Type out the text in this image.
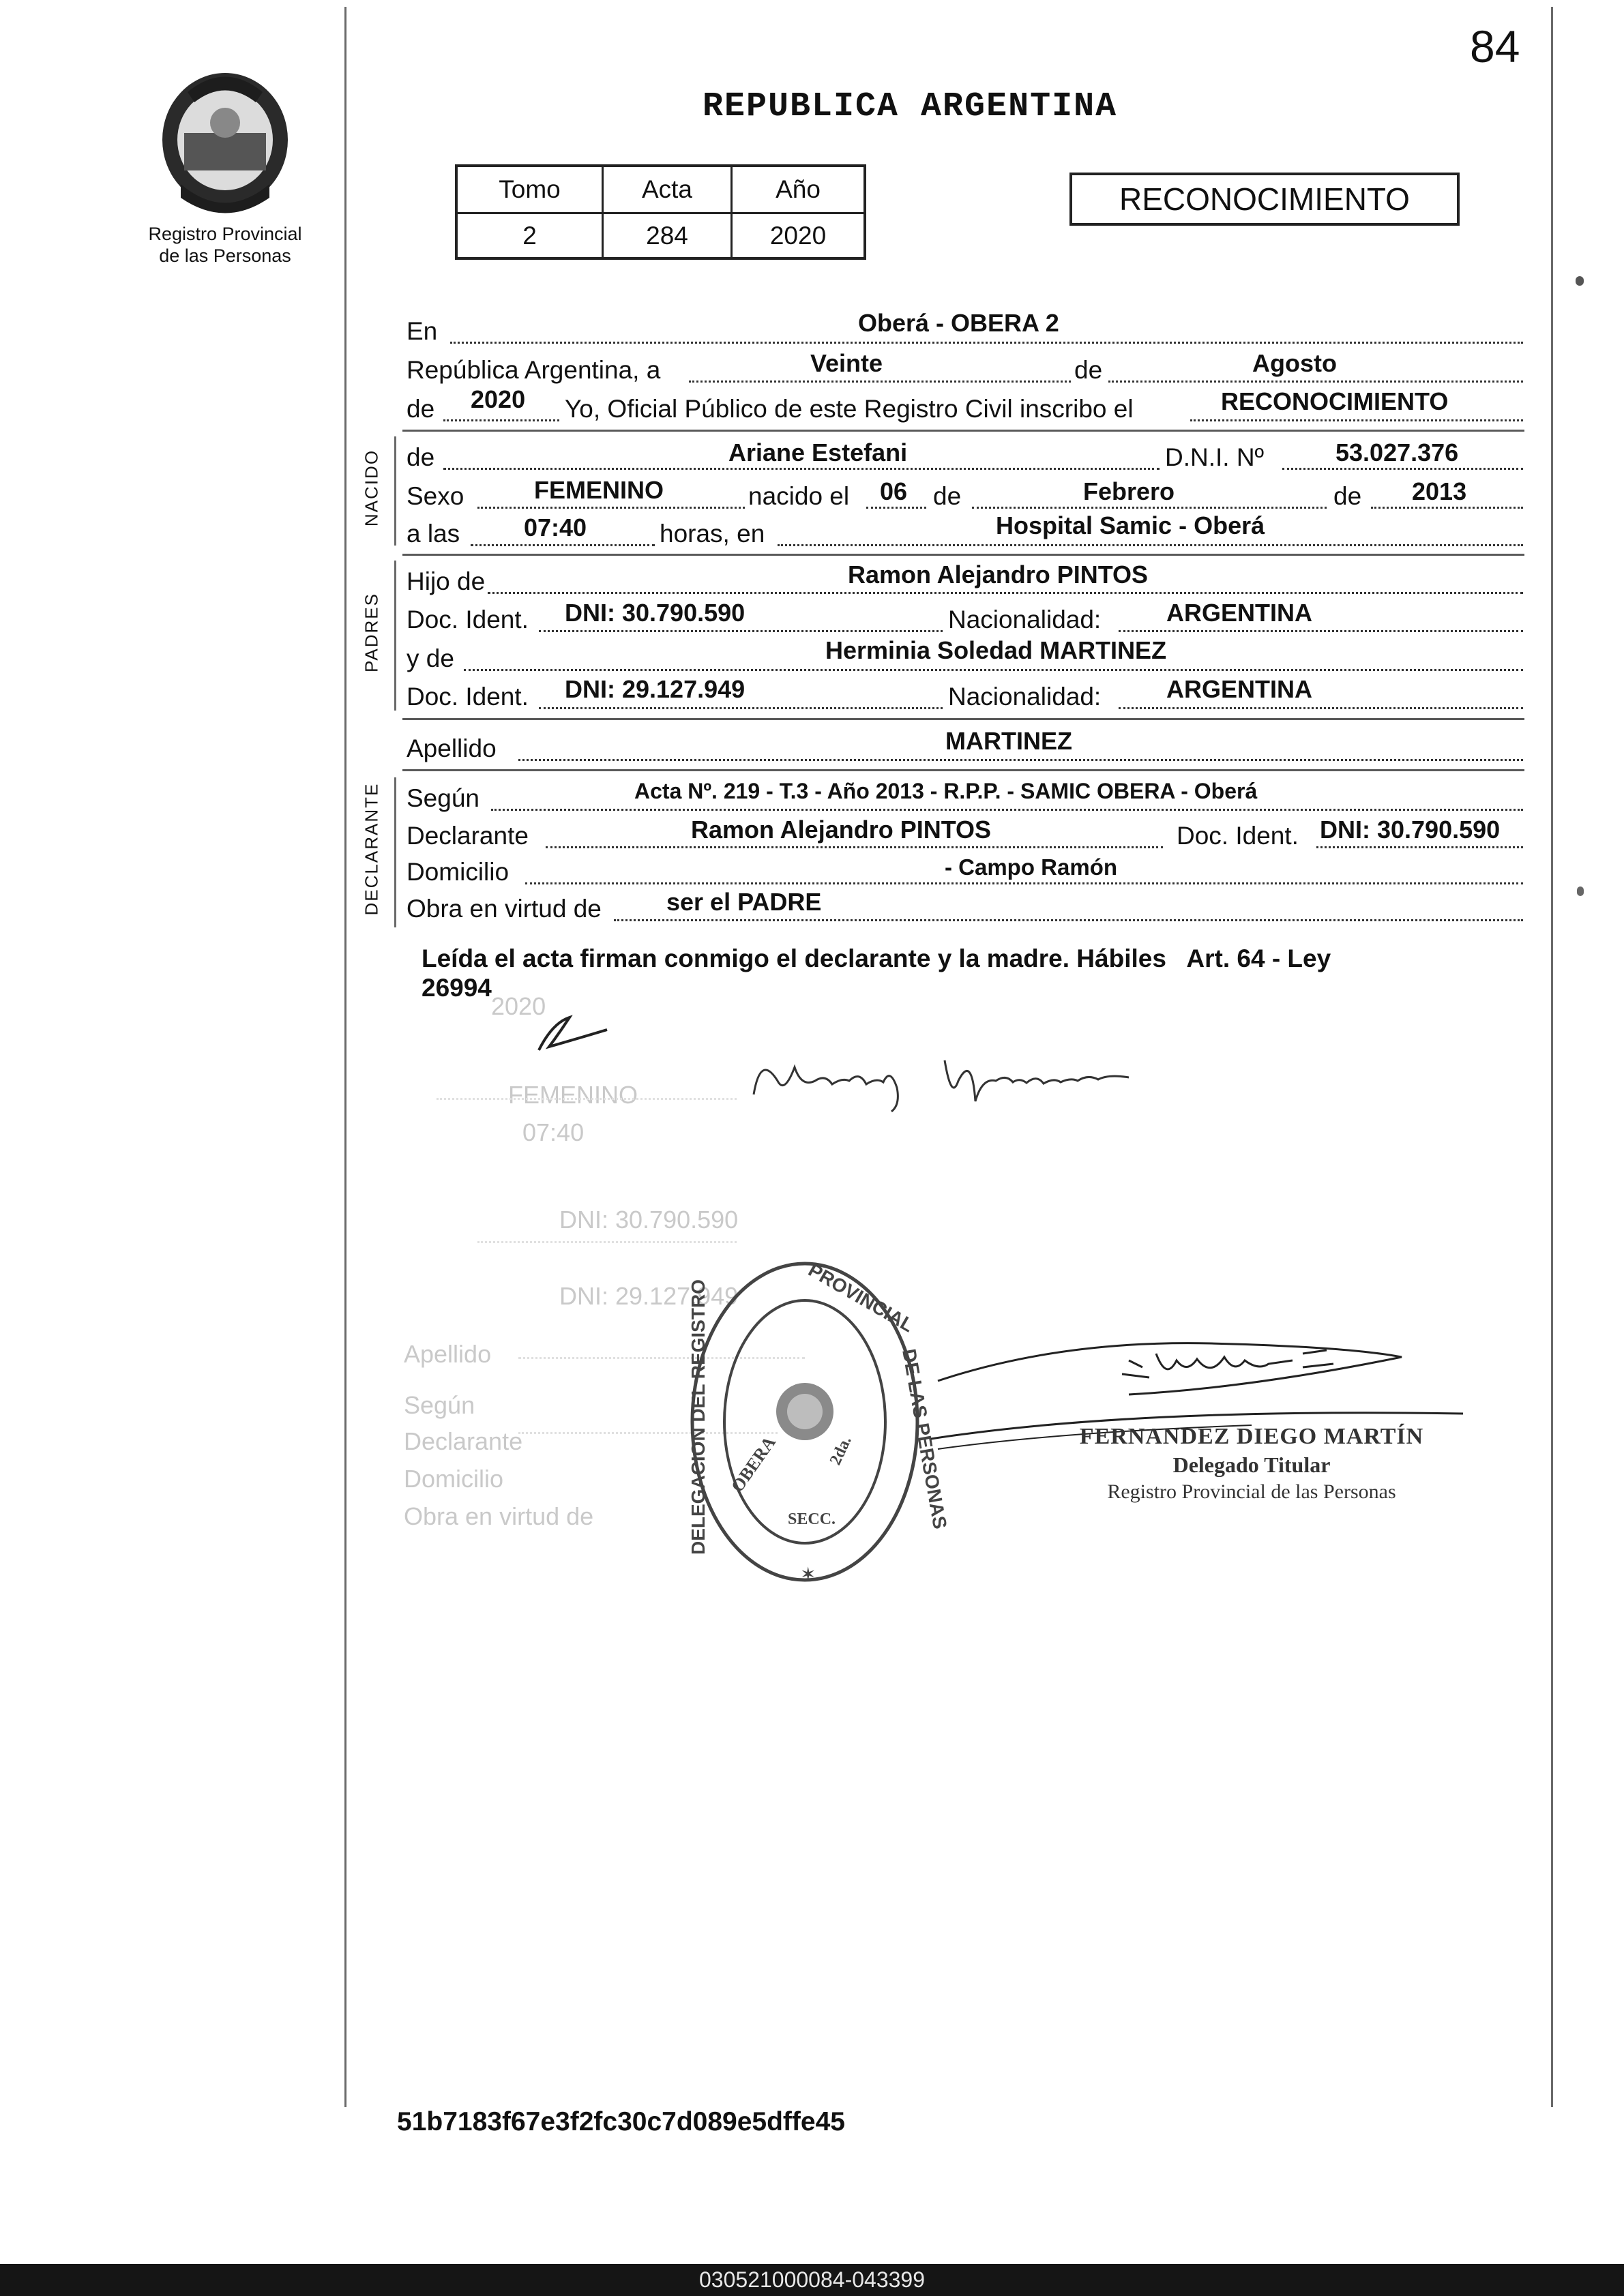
84
Registro Provincial
de las Personas
REPUBLICA ARGENTINA
Tomo	Acta	Año
2	284	2020
RECONOCIMIENTO
2020
FEMENINO
07:40
DNI: 30.790.590
DNI: 29.127.949
Apellido
Según
Declarante
Domicilio
Obra en virtud de
En	Oberá - OBERA 2
República Argentina, a	Veinte	de	Agosto
de 2020 Yo, Oficial Público de este Registro Civil inscribo el	RECONOCIMIENTO
NACIDO de	Ariane Estefani	D.N.I. Nº	53.027.376
Sexo	FEMENINO	nacido el 06 de	Febrero	de 2013
a las	07:40	horas, en	Hospital Samic - Oberá
PADRES
Hijo de	Ramon Alejandro PINTOS
Doc. Ident. DNI: 30.790.590	Nacionalidad:	ARGENTINA
y de	Herminia Soledad MARTINEZ
Doc. Ident. DNI: 29.127.949	Nacionalidad:	ARGENTINA
Apellido	MARTINEZ
DECLARANTE Según	Acta Nº. 219 - T.3 - Año 2013 - R.P.P. - SAMIC OBERA - Oberá
Declarante	Ramon Alejandro PINTOS	Doc. Ident. DNI: 30.790.590
Domicilio	- Campo Ramón
Obra en virtud de	ser el PADRE
Leída el acta firman conmigo el declarante y la madre. Hábiles   Art. 64 - Ley
26994
OBERA	2da.
SECC.
✶
DELEGACION DEL REGISTRO	PROVINCIAL
DE LAS PERSONAS	FERNANDEZ DIEGO MARTÍN
Delegado Titular
Registro Provincial de las Personas
51b7183f67e3f2fc30c7d089e5dffe45
030521000084-043399
